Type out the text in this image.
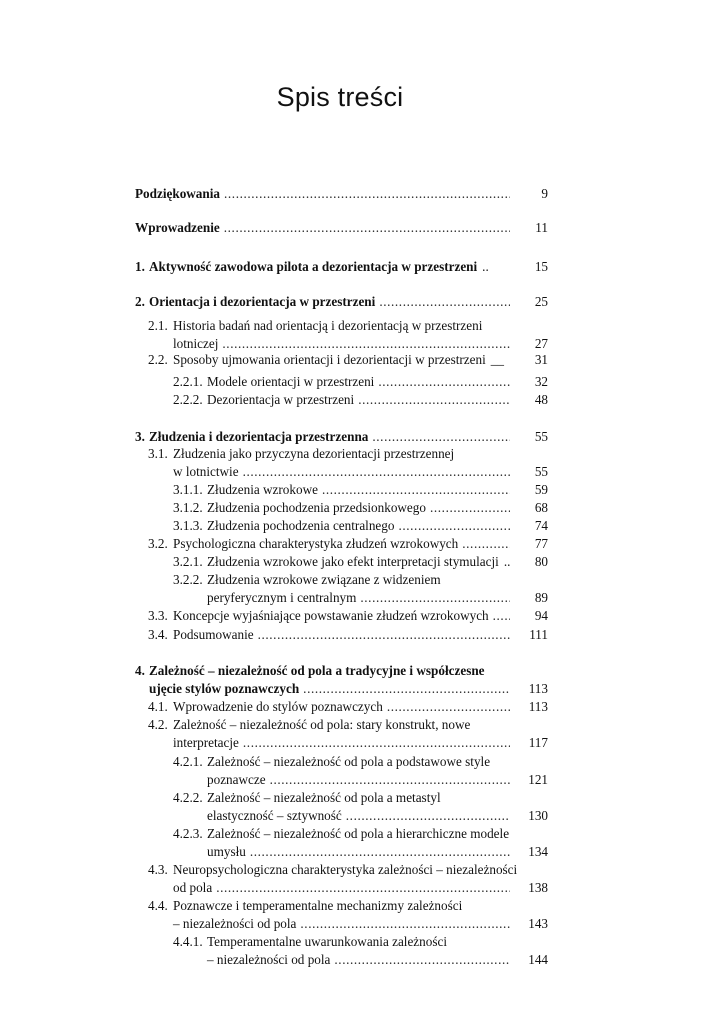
Spis treści
Podziękowania .....	9
Wprowadzenie .....	11
1. Aktywność zawodowa pilota a dezorientacja w przestrzeni ..	15
2. Orientacja i dezorientacja w przestrzeni .....	25
2.1. Historia badań nad orientacją i dezorientacją w przestrzeni
lotniczej .....	27
2.2. Sposoby ujmowania orientacji i dezorientacji w przestrzeni __ 31
2.2.1. Modele orientacji w przestrzeni .....	32
2.2.2. Dezorientacja w przestrzeni .....	48
3. Złudzenia i dezorientacja przestrzenna .....	55
3.1. Złudzenia jako przyczyna dezorientacji przestrzennej
w lotnictwie .....	55
3.1.1. Złudzenia wzrokowe .....	59
3.1.2. Złudzenia pochodzenia przedsionkowego .....	68
3.1.3. Złudzenia pochodzenia centralnego .....	74
3.2. Psychologiczna charakterystyka złudzeń wzrokowych .....	77
3.2.1. Złudzenia wzrokowe jako efekt interpretacji stymulacji .. 80
3.2.2. Złudzenia wzrokowe związane z widzeniem
peryferycznym i centralnym .....	89
3.3. Koncepcje wyjaśniające powstawanie złudzeń wzrokowych .....	94
3.4. Podsumowanie .....	111
4. Zależność – niezależność od pola a tradycyjne i współczesne
ujęcie stylów poznawczych .....	113
4.1. Wprowadzenie do stylów poznawczych .....	113
4.2. Zależność – niezależność od pola: stary konstrukt, nowe
interpretacje .....	117
4.2.1. Zależność – niezależność od pola a podstawowe style
poznawcze .....	121
4.2.2. Zależność – niezależność od pola a metastyl
elastyczność – sztywność .....	130
4.2.3. Zależność – niezależność od pola a hierarchiczne modele
umysłu .....	134
4.3. Neuropsychologiczna charakterystyka zależności – niezależności
od pola .....	138
4.4. Poznawcze i temperamentalne mechanizmy zależności
– niezależności od pola .....	143
4.4.1. Temperamentalne uwarunkowania zależności
– niezależności od pola .....	144
